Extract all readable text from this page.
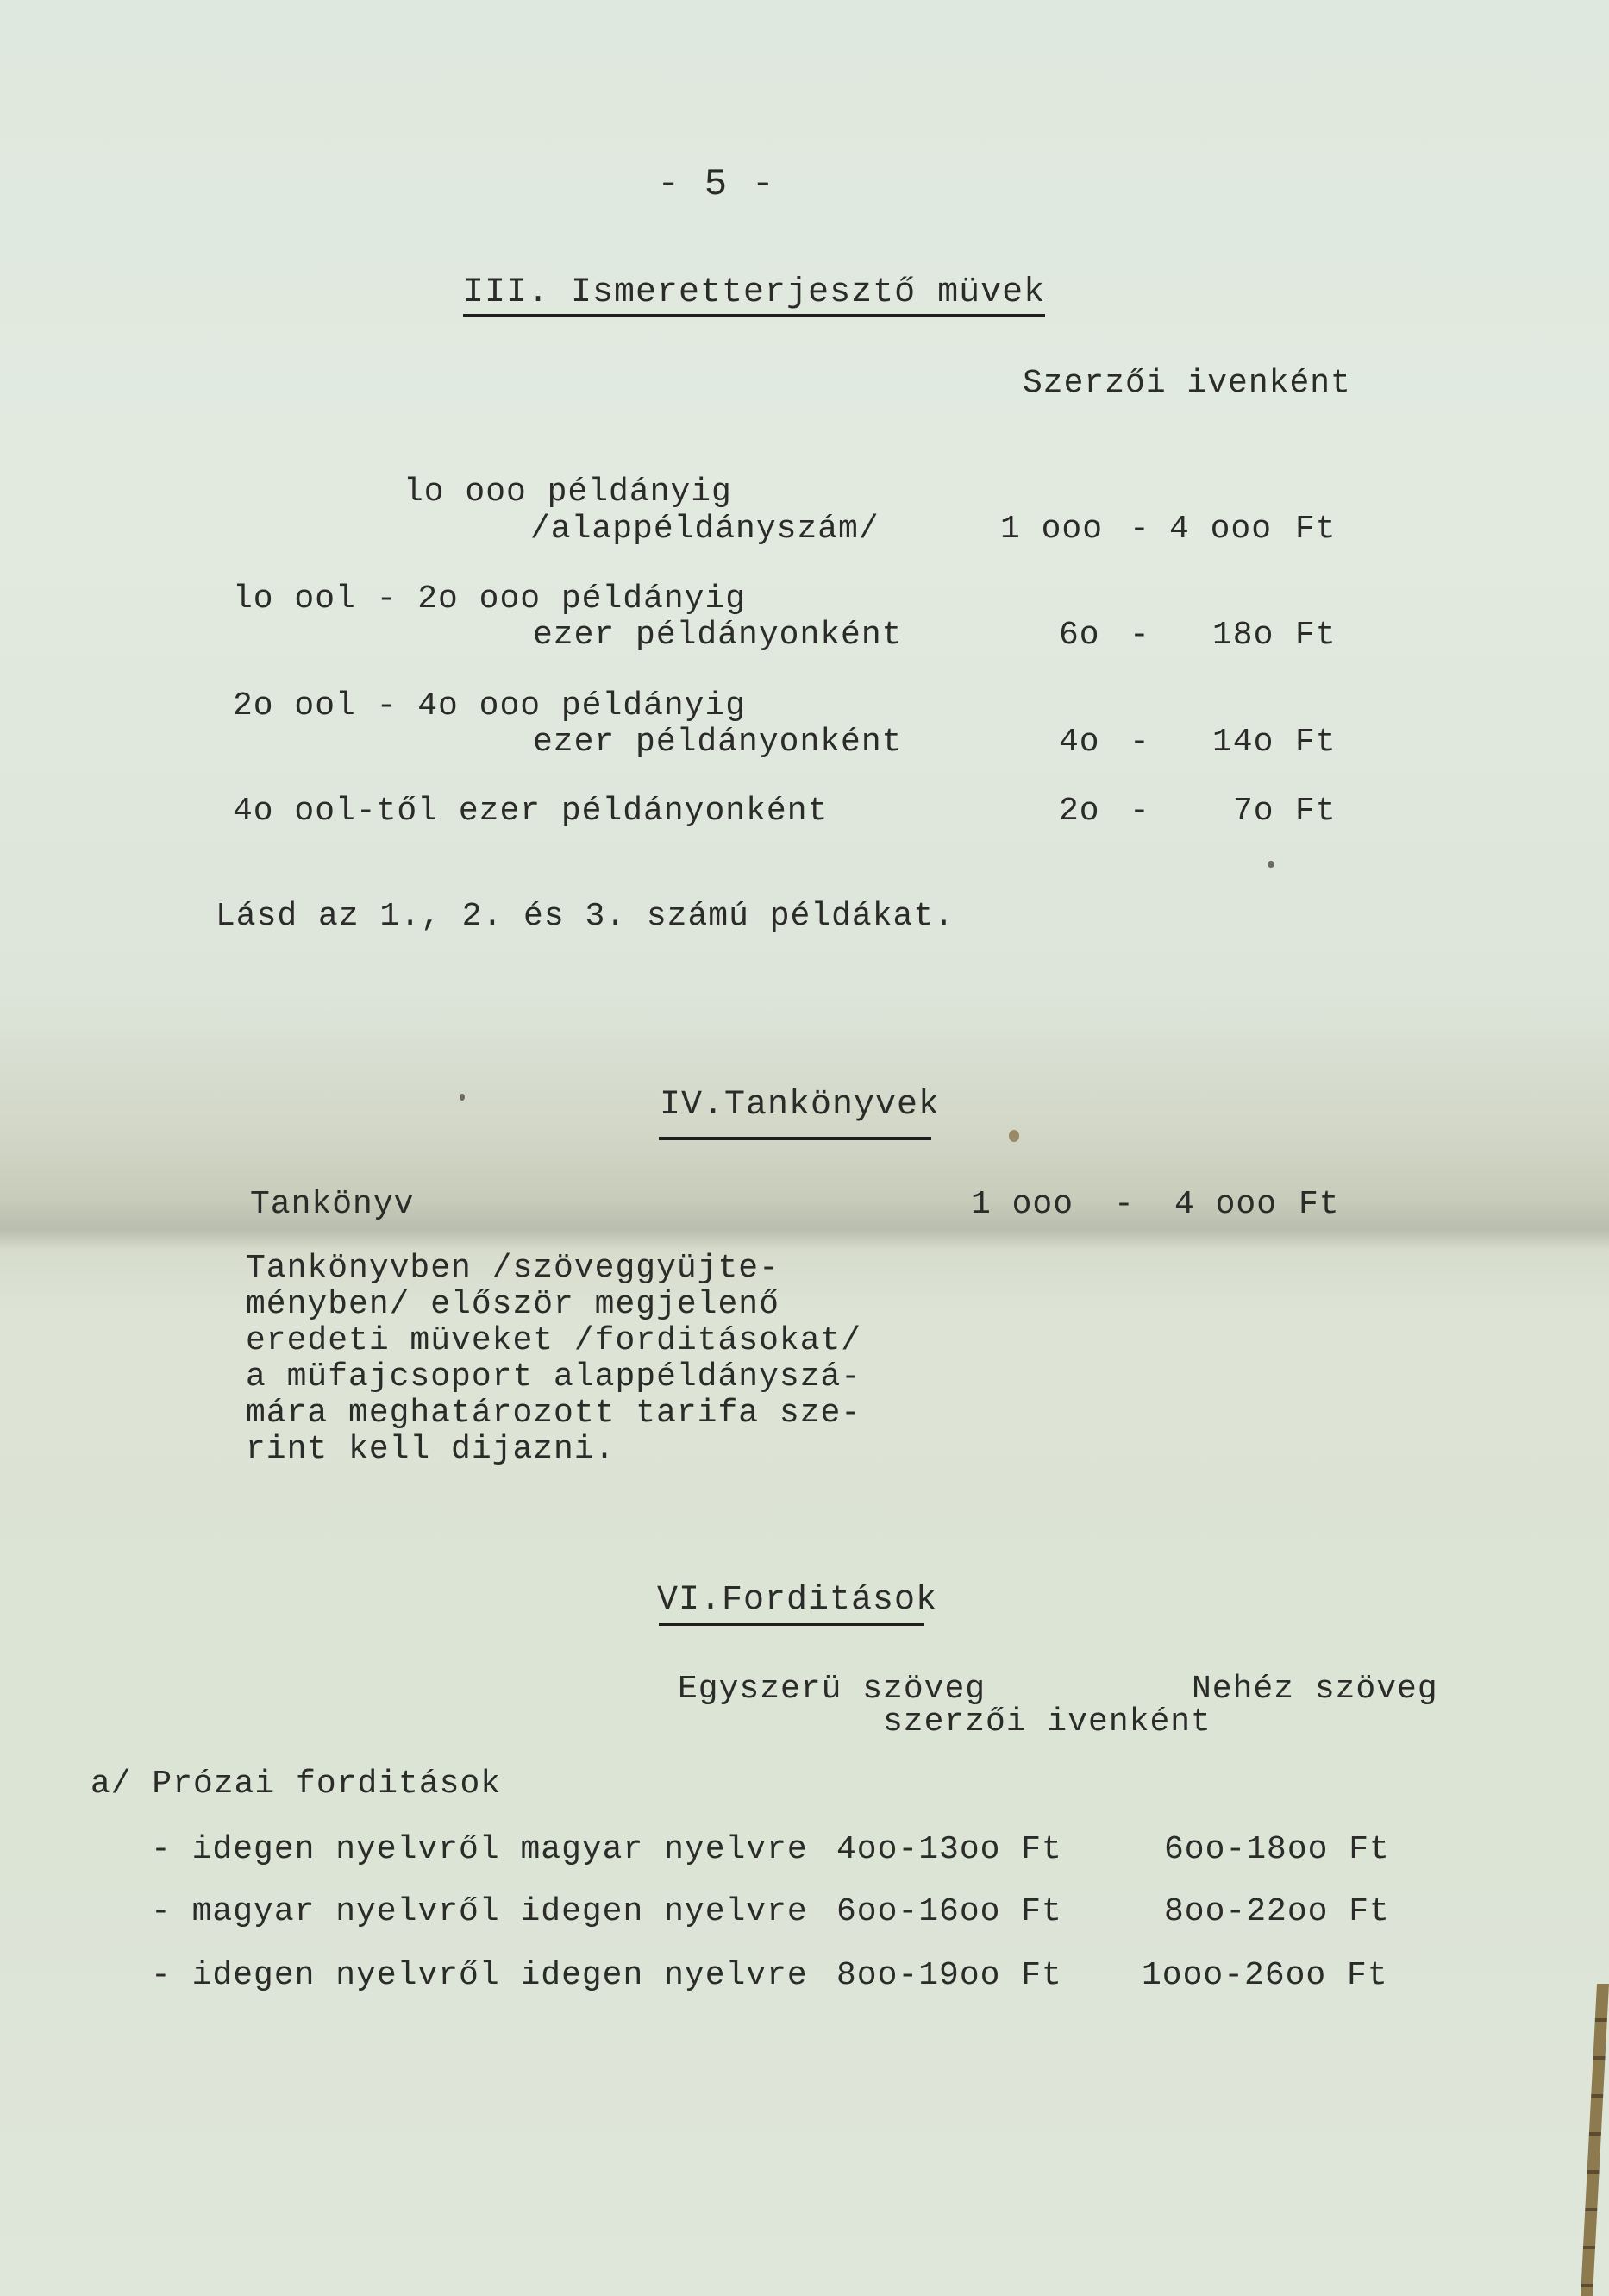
- 5 -
III. Ismeretterjesztő müvek
Szerzői ivenként
lo ooo példányig
/alappéldányszám/	1 ooo - 4 ooo Ft
lo ool - 2o ooo példányig
ezer példányonként	6o - 18o Ft
2o ool - 4o ooo példányig
ezer példányonként	4o - 14o Ft
4o ool-től ezer példányonként	2o -	7o Ft
Lásd az 1., 2. és 3. számú példákat.
IV.Tankönyvek
Tankönyv	1 ooo - 4 ooo Ft
Tankönyvben /szöveggyüjte-
ményben/ először megjelenő
eredeti müveket /forditásokat/
a müfajcsoport alappéldányszá-
mára meghatározott tarifa sze-
rint kell dijazni.
VI.Forditások
Egyszerü szöveg	Nehéz szöveg
szerzői ivenként
a/ Prózai forditások
- idegen nyelvről magyar nyelvre 4oo-13oo Ft	6oo-18oo Ft
- magyar nyelvről idegen nyelvre 6oo-16oo Ft	8oo-22oo Ft
- idegen nyelvről idegen nyelvre 8oo-19oo Ft 1ooo-26oo Ft
